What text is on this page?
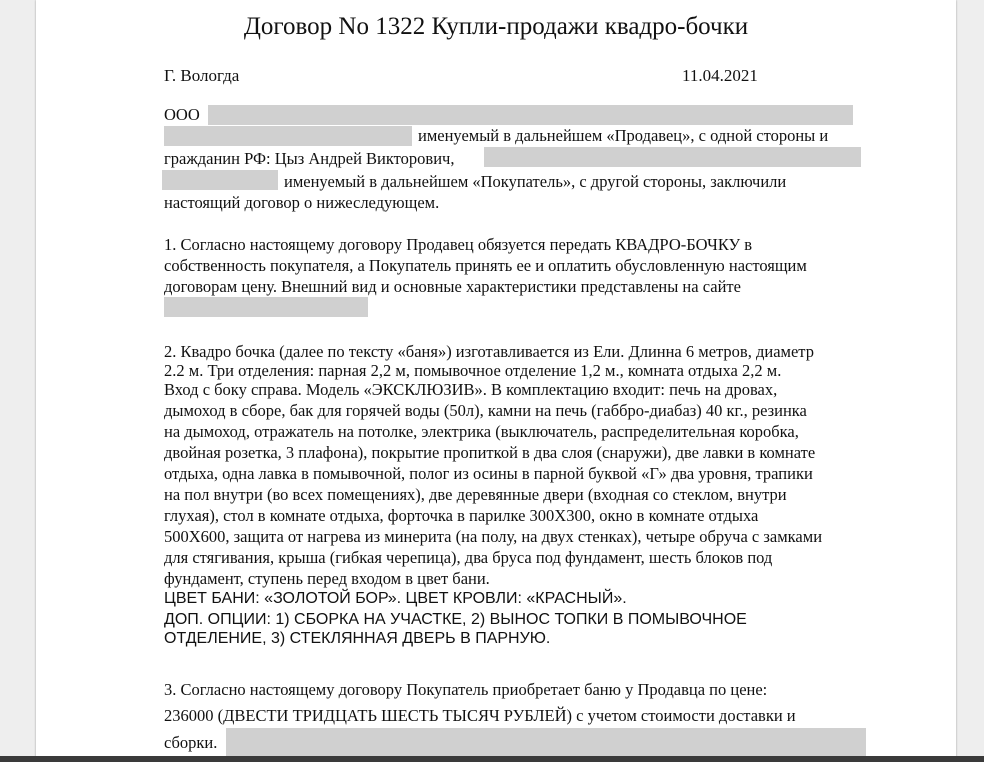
Договор No 1322 Купли-продажи квадро-бочки
Г. Вологда	11.04.2021
ООО
именуемый в дальнейшем «Продавец», с одной стороны и
гражданин РФ: Цыз Андрей Викторович,
именуемый в дальнейшем «Покупатель», с другой стороны, заключили
настоящий договор о нижеследующем.
1. Согласно настоящему договору Продавец обязуется передать КВАДРО-БОЧКУ в
собственность покупателя, а Покупатель принять ее и оплатить обусловленную настоящим
договорам цену. Внешний вид и основные характеристики представлены на сайте
2. Квадро бочка (далее по тексту «баня») изготавливается из Ели. Длинна 6 метров, диаметр
2.2 м. Три отделения: парная 2,2 м, помывочное отделение 1,2 м., комната отдыха 2,2 м.
Вход с боку справа. Модель «ЭКСКЛЮЗИВ». В комплектацию входит: печь на дровах,
дымоход в сборе, бак для горячей воды (50л), камни на печь (габбро-диабаз) 40 кг., резинка
на дымоход, отражатель на потолке, электрика (выключатель, распределительная коробка,
двойная розетка, 3 плафона), покрытие пропиткой в два слоя (снаружи), две лавки в комнате
отдыха, одна лавка в помывочной, полог из осины в парной буквой «Г» два уровня, трапики
на пол внутри (во всех помещениях), две деревянные двери (входная со стеклом, внутри
глухая), стол в комнате отдыха, форточка в парилке 300Х300, окно в комнате отдыха
500Х600, защита от нагрева из минерита (на полу, на двух стенках), четыре обруча с замками
для стягивания, крыша (гибкая черепица), два бруса под фундамент, шесть блоков под
фундамент, ступень перед входом в цвет бани.
ЦВЕТ БАНИ: «ЗОЛОТОЙ БОР». ЦВЕТ КРОВЛИ: «КРАСНЫЙ».
ДОП. ОПЦИИ: 1) СБОРКА НА УЧАСТКЕ, 2) ВЫНОС ТОПКИ В ПОМЫВОЧНОЕ
ОТДЕЛЕНИЕ, 3) СТЕКЛЯННАЯ ДВЕРЬ В ПАРНУЮ.
3. Согласно настоящему договору Покупатель приобретает баню у Продавца по цене:
236000 (ДВЕСТИ ТРИДЦАТЬ ШЕСТЬ ТЫСЯЧ РУБЛЕЙ) с учетом стоимости доставки и
сборки.
